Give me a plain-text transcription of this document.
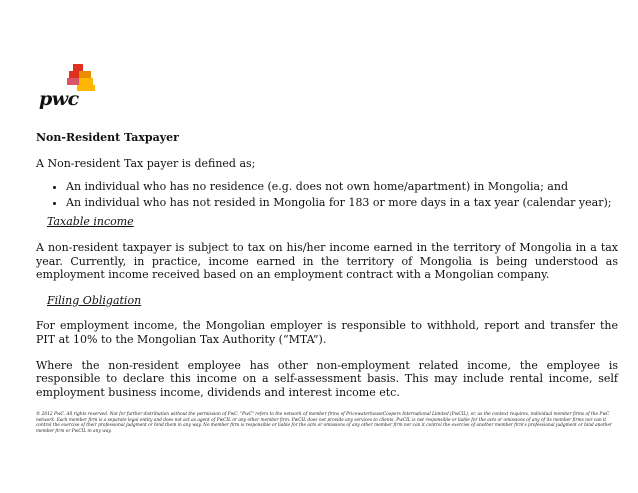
pwc

Non-Resident Taxpayer

A Non-resident Tax payer is defined as;

• An individual who has no residence (e.g. does not own home/apartment) in Mongolia; and
• An individual who has not resided in Mongolia for 183 or more days in a tax year (calendar year);

Taxable income

A non-resident taxpayer is subject to tax on his/her income earned in the territory of Mongolia in a tax year. Currently, in practice, income earned in the territory of Mongolia is being understood as employment income received based on an employment contract with a Mongolian company.

Filing Obligation

For employment income, the Mongolian employer is responsible to withhold, report and transfer the PIT at 10% to the Mongolian Tax Authority (“MTA”).

Where the non-resident employee has other non-employment related income, the employee is responsible to declare this income on a self-assessment basis. This may include rental income, self employment business income, dividends and interest income etc.

© 2012 PwC. All rights reserved. Not for further distribution without the permission of PwC. "PwC" refers to the network of member firms of PricewaterhouseCoopers International Limited (PwCIL), or, as the context requires, individual member firms of the PwC network. Each member firm is a separate legal entity and does not act as agent of PwCIL or any other member firm. PwCIL does not provide any services to clients. PwCIL is not responsible or liable for the acts or omissions of any of its member firms nor can it control the exercise of their professional judgment or bind them in any way. No member firm is responsible or liable for the acts or omissions of any other member firm nor can it control the exercise of another member firm's professional judgment or bind another member firm or PwCIL in any way.
